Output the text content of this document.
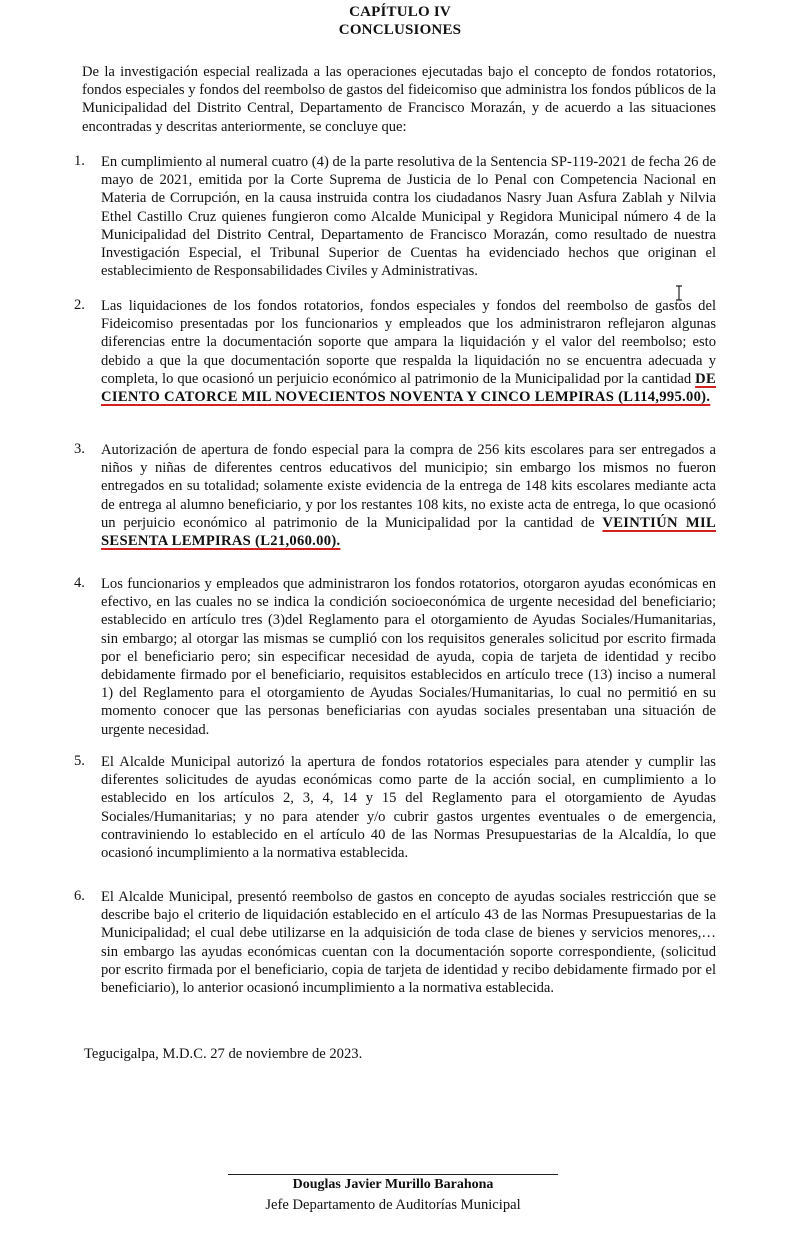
CAPÍTULO IV
CONCLUSIONES
De la investigación especial realizada a las operaciones ejecutadas bajo el concepto de fondos rotatorios, fondos especiales y fondos del reembolso de gastos del fideicomiso que administra los fondos públicos de la Municipalidad del Distrito Central, Departamento de Francisco Morazán, y de acuerdo a las situaciones encontradas y descritas anteriormente, se concluye que:
1.	En cumplimiento al numeral cuatro (4) de la parte resolutiva de la Sentencia SP-119-2021 de fecha 26 de mayo de 2021, emitida por la Corte Suprema de Justicia de lo Penal con Competencia Nacional en Materia de Corrupción, en la causa instruida contra los ciudadanos Nasry Juan Asfura Zablah y Nilvia Ethel Castillo Cruz quienes fungieron como Alcalde Municipal y Regidora Municipal número 4 de la Municipalidad del Distrito Central, Departamento de Francisco Morazán, como resultado de nuestra Investigación Especial, el Tribunal Superior de Cuentas ha evidenciado hechos que originan el establecimiento de Responsabilidades Civiles y Administrativas.
2.	Las liquidaciones de los fondos rotatorios, fondos especiales y fondos del reembolso de gastos del Fideicomiso presentadas por los funcionarios y empleados que los administraron reflejaron algunas diferencias entre la documentación soporte que ampara la liquidación y el valor del reembolso; esto debido a que la que documentación soporte que respalda la liquidación no se encuentra adecuada y completa, lo que ocasionó un perjuicio económico al patrimonio de la Municipalidad por la cantidad DE CIENTO CATORCE MIL NOVECIENTOS NOVENTA Y CINCO LEMPIRAS (L114,995.00).
3.	Autorización de apertura de fondo especial para la compra de 256 kits escolares para ser entregados a niños y niñas de diferentes centros educativos del municipio; sin embargo los mismos no fueron entregados en su totalidad; solamente existe evidencia de la entrega de 148 kits escolares mediante acta de entrega al alumno beneficiario, y por los restantes 108 kits, no existe acta de entrega, lo que ocasionó un perjuicio económico al patrimonio de la Municipalidad por la cantidad de VEINTIÚN MIL SESENTA LEMPIRAS (L21,060.00).
4.	Los funcionarios y empleados que administraron los fondos rotatorios, otorgaron ayudas económicas en efectivo, en las cuales no se indica la condición socioeconómica de urgente necesidad del beneficiario; establecido en artículo tres (3)del Reglamento para el otorgamiento de Ayudas Sociales/Humanitarias, sin embargo; al otorgar las mismas se cumplió con los requisitos generales solicitud por escrito firmada por el beneficiario pero; sin especificar necesidad de ayuda, copia de tarjeta de identidad y recibo debidamente firmado por el beneficiario, requisitos establecidos en artículo trece (13) inciso a numeral 1) del Reglamento para el otorgamiento de Ayudas Sociales/Humanitarias, lo cual no permitió en su momento conocer que las personas beneficiarias con ayudas sociales presentaban una situación de urgente necesidad.
5.	El Alcalde Municipal autorizó la apertura de fondos rotatorios especiales para atender y cumplir las diferentes solicitudes de ayudas económicas como parte de la acción social, en cumplimiento a lo establecido en los artículos 2, 3, 4, 14 y 15 del Reglamento para el otorgamiento de Ayudas Sociales/Humanitarias; y no para atender y/o cubrir gastos urgentes eventuales o de emergencia, contraviniendo lo establecido en el artículo 40 de las Normas Presupuestarias de la Alcaldía, lo que ocasionó incumplimiento a la normativa establecida.
6.	El Alcalde Municipal, presentó reembolso de gastos en concepto de ayudas sociales restricción que se describe bajo el criterio de liquidación establecido en el artículo 43 de las Normas Presupuestarias de la Municipalidad; el cual debe utilizarse en la adquisición de toda clase de bienes y servicios menores,… sin embargo las ayudas económicas cuentan con la documentación soporte correspondiente, (solicitud por escrito firmada por el beneficiario, copia de tarjeta de identidad y recibo debidamente firmado por el beneficiario), lo anterior ocasionó incumplimiento a la normativa establecida.
Tegucigalpa, M.D.C. 27 de noviembre de 2023.
Douglas Javier Murillo Barahona
Jefe Departamento de Auditorías Municipal
